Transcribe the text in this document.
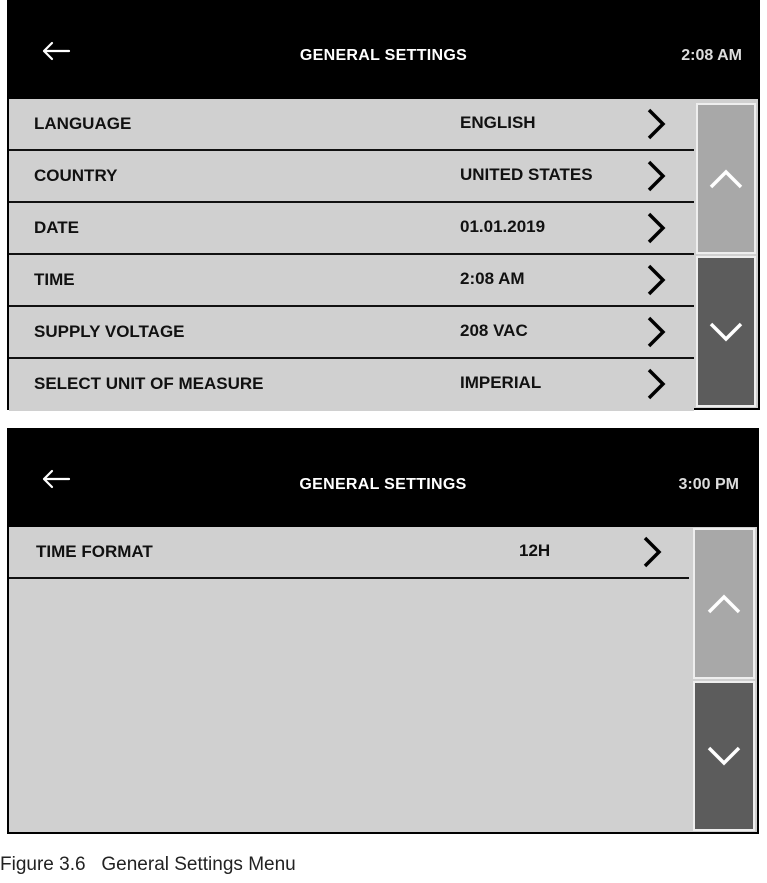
GENERAL SETTINGS	2:08 AM
LANGUAGE	ENGLISH
COUNTRY	UNITED STATES
DATE	01.01.2019
TIME	2:08 AM
SUPPLY VOLTAGE	208 VAC
SELECT UNIT OF MEASURE	IMPERIAL
GENERAL SETTINGS	3:00 PM
TIME FORMAT	12H
Figure 3.6   General Settings Menu
